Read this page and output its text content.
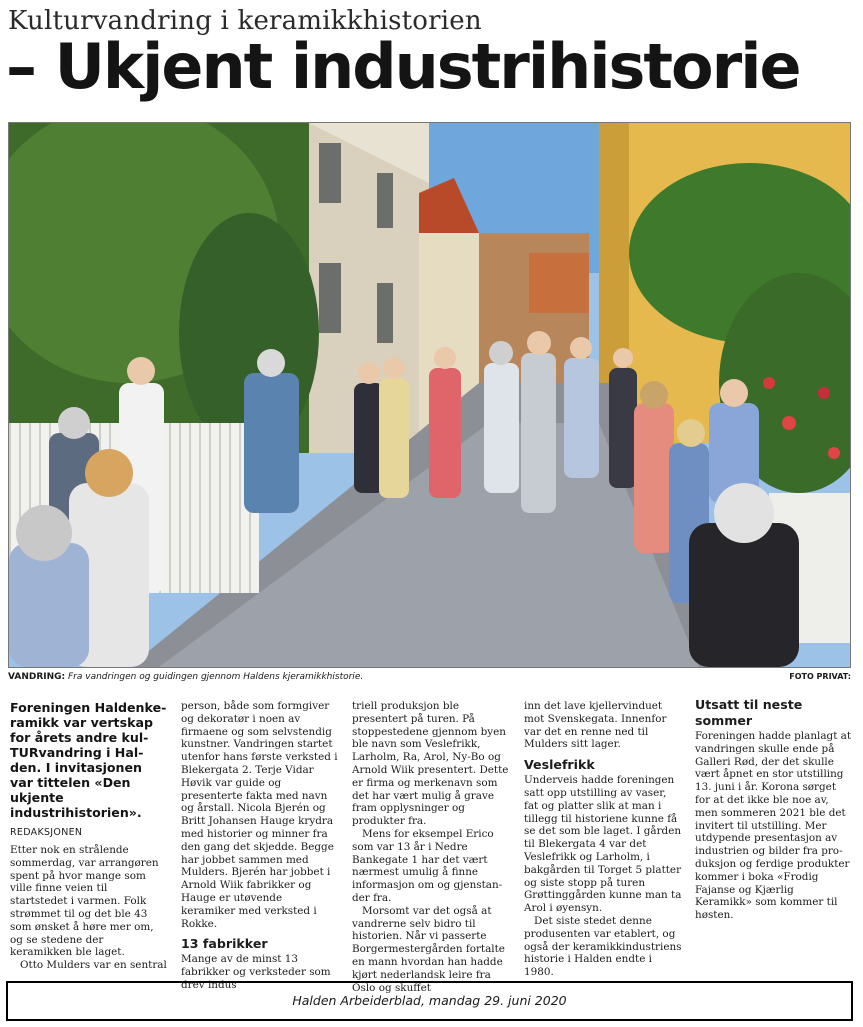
Kulturvandring i keramikkhistorien
– Ukjent industrihistorie
VANDRING: Fra vandringen og guidingen gjennom Haldens kjeramikkhistorie.	FOTO PRIVAT:

Foreningen Haldenkeramikk var vertskap for årets andre kulTURvandring i Halden. I invitasjonen var tittelen «Den ukjente industrihistorien».

REDAKSJONEN

Etter nok en strålende sommerdag, var arrangøren spent på hvor mange som ville finne veien til startstedet i varmen. Folk strømmet til og det ble 43 som ønsket å høre mer om, og se stedene der keramikken ble laget.

Otto Mulders var en sentral

person, både som formgiver og dekoratør i noen av firmaene og som selvstendig kunstner. Vandringen startet utenfor hans første verksted i Blekergata 2. Terje Vidar Høvik var guide og presenterte fakta med navn og årstall. Nicola Bjerén og Britt Johansen Hauge krydra med historier og minner fra den gang det skjedde. Begge har jobbet sammen med Mulders. Bjerén har jobbet i Arnold Wiik fabrikker og Hauge er utøvende keramiker med verksted i Rokke.

13 fabrikker

Mange av de minst 13 fabrikker og verksteder som drev indus

triell produksjon ble presentert på turen. På stoppestedene gjennom byen ble navn som Veslefrikk, Larholm, Ra, Arol, Ny-Bo og Arnold Wiik presentert. Dette er firma og merkenavn som det har vært mulig å grave fram opplysninger og produkter fra.

Mens for eksempel Erico som var 13 år i Nedre Bankegate 1 har det vært nærmest umulig å finne informasjon om og gjenstander fra.

Morsomt var det også at vandrerne selv bidro til historien. Når vi passerte Borgermestergården fortalte en mann hvordan han hadde kjørt nederlandsk leire fra Oslo og skuffet

inn det lave kjellervinduet mot Svenskegata. Innenfor var det en renne ned til Mulders sitt lager.

Veslefrikk

Underveis hadde foreningen satt opp utstilling av vaser, fat og platter slik at man i tillegg til historiene kunne få se det som ble laget. I gården til Blekergata 4 var det Veslefrikk og Larholm, i bakgården til Torget 5 platter og siste stopp på turen Grøttinggården kunne man ta Arol i øyensyn.

Det siste stedet denne produsenten var etablert, og også der keramikkindustriens historie i Halden endte i 1980.

Utsatt til neste sommer

Foreningen hadde planlagt at vandringen skulle ende på Galleri Rød, der det skulle vært åpnet en stor utstilling 13. juni i år. Korona sørget for at det ikke ble noe av, men sommeren 2021 ble det invitert til utstilling. Mer utdypende presentasjon av industrien og bilder fra produksjon og ferdige produkter kommer i boka «Frodig Fajanse og Kjærlig Keramikk» som kommer til høsten.

Halden Arbeiderblad, mandag 29. juni 2020
